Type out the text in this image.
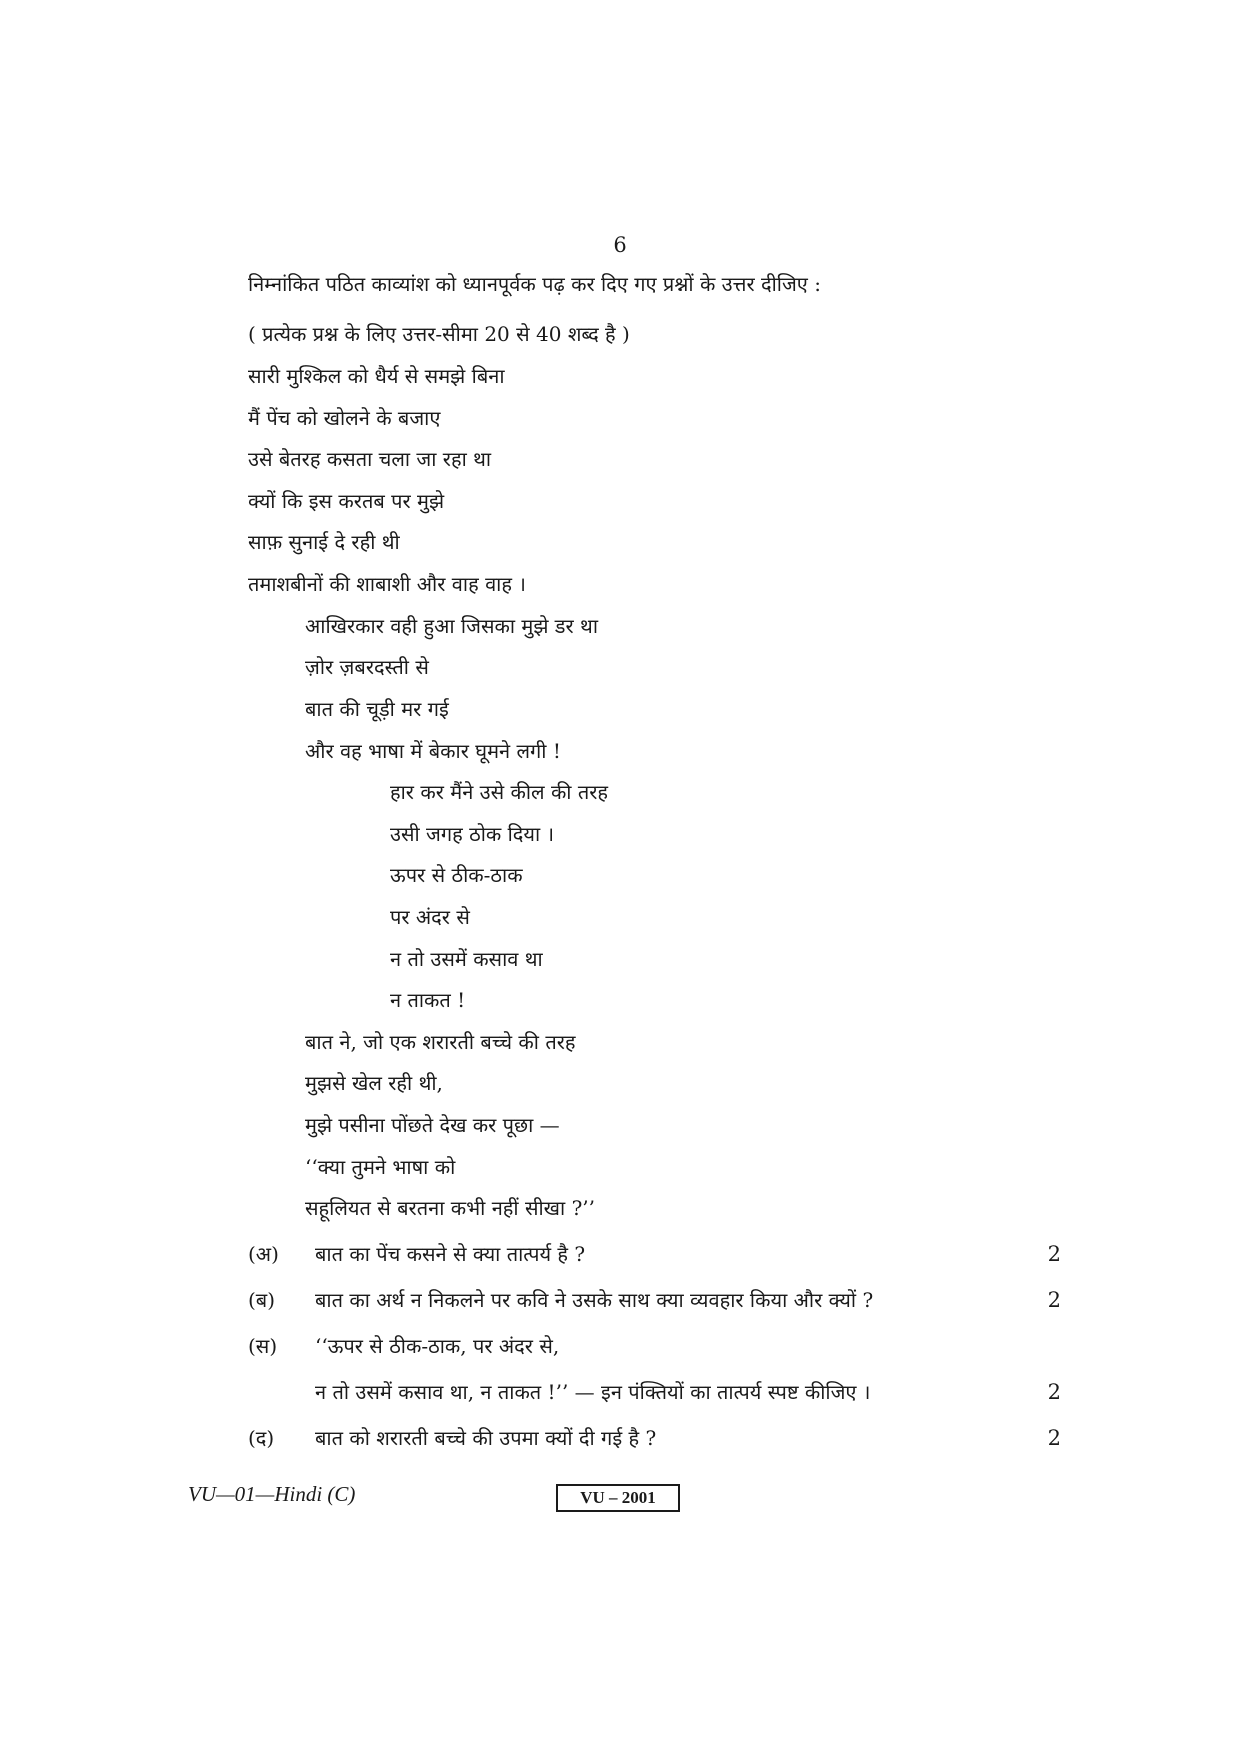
6
निम्नांकित पठित काव्यांश को ध्यानपूर्वक पढ़ कर दिए गए प्रश्नों के उत्तर दीजिए :
( प्रत्येक प्रश्न के लिए उत्तर-सीमा 20 से 40 शब्द है )
सारी मुश्किल को धैर्य से समझे बिना
मैं पेंच को खोलने के बजाए
उसे बेतरह कसता चला जा रहा था
क्यों कि इस करतब पर मुझे
साफ़ सुनाई दे रही थी
तमाशबीनों की शाबाशी और वाह वाह ।
आखिरकार वही हुआ जिसका मुझे डर था
ज़ोर ज़बरदस्ती से
बात की चूड़ी मर गई
और वह भाषा में बेकार घूमने लगी !
हार कर मैंने उसे कील की तरह
उसी जगह ठोक दिया ।
ऊपर से ठीक-ठाक
पर अंदर से
न तो उसमें कसाव था
न ताकत !
बात ने, जो एक शरारती बच्चे की तरह
मुझसे खेल रही थी,
मुझे पसीना पोंछते देख कर पूछा —
‘‘क्या तुमने भाषा को
सहूलियत से बरतना कभी नहीं सीखा ?’’
(अ) बात का पेंच कसने से क्या तात्पर्य है ?	2
(ब) बात का अर्थ न निकलने पर कवि ने उसके साथ क्या व्यवहार किया और क्यों ?	2
(स) ‘‘ऊपर से ठीक-ठाक, पर अंदर से,
न तो उसमें कसाव था, न ताकत !’’ — इन पंक्तियों का तात्पर्य स्पष्ट कीजिए ।	2
(द) बात को शरारती बच्चे की उपमा क्यों दी गई है ?	2
VU—01—Hindi (C)	VU – 2001
